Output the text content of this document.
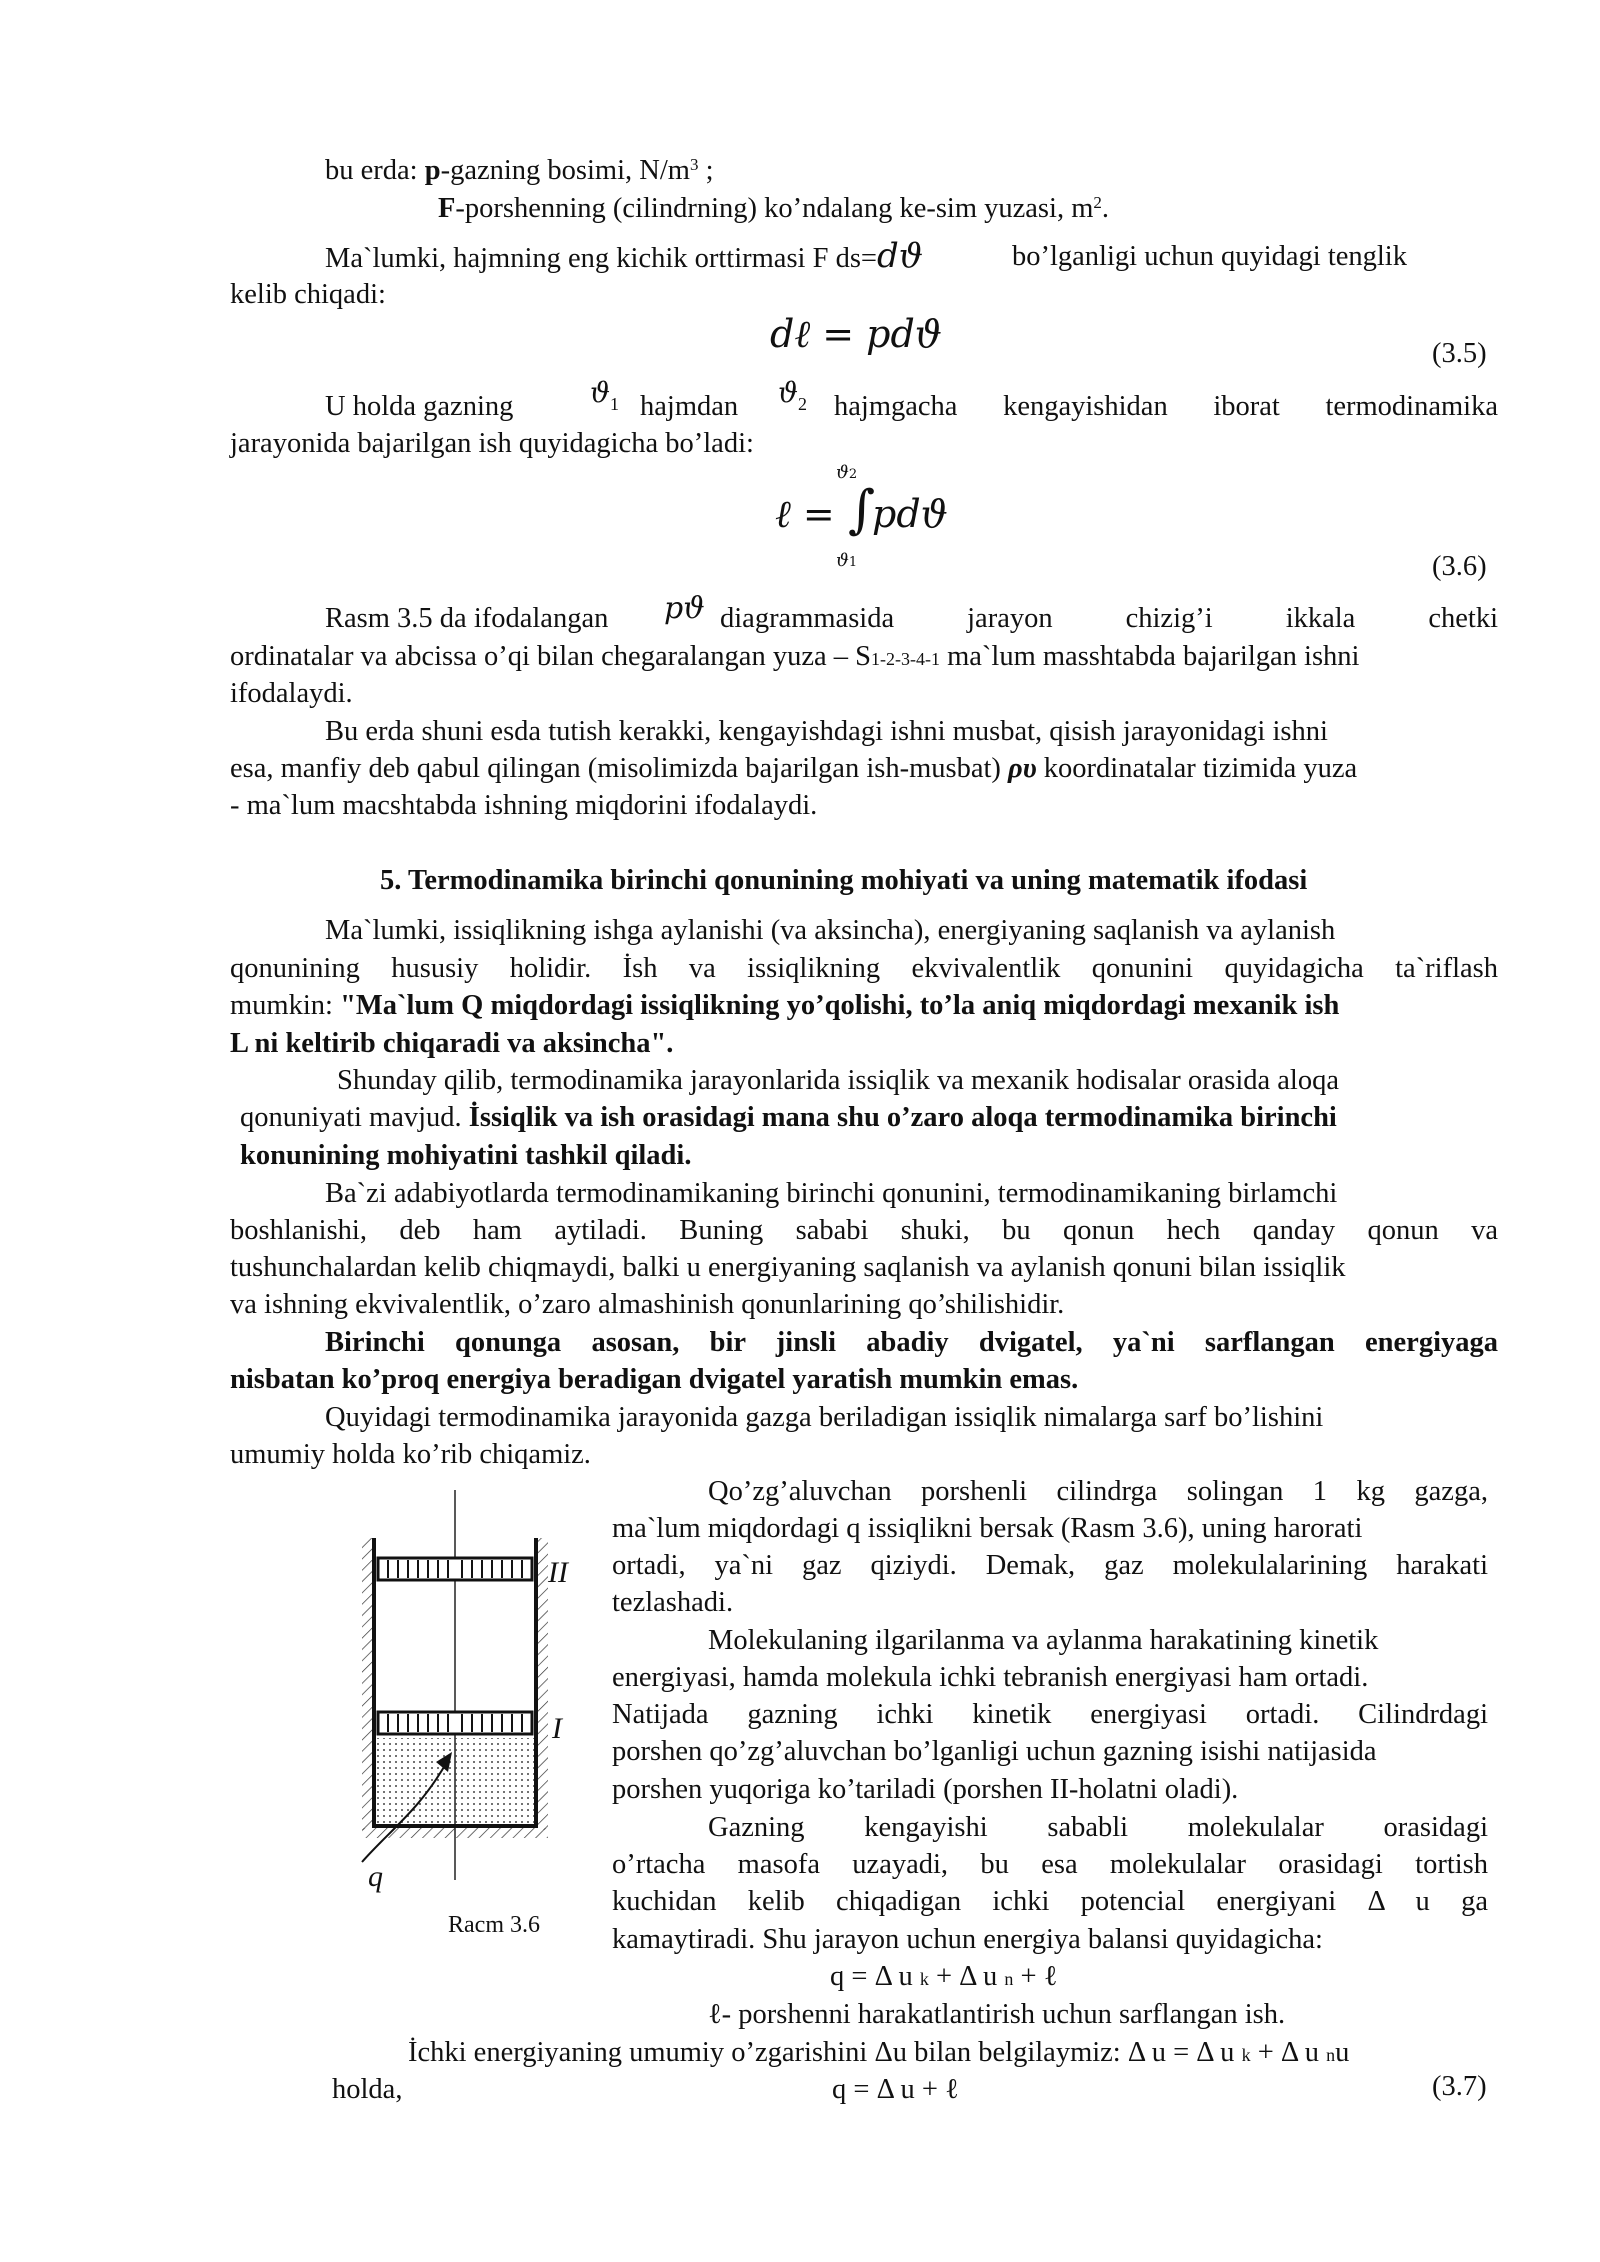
bu erda: p-gazning bosimi, $N/m^3$ ;
F-porshenning (cilindrning) ko’ndalang ke-sim yuzasi, $m^2$.
Ma`lumki, hajmning eng kichik orttirmasi F ds=dϑ	bo’lganligi uchun quyidagi tenglik
kelib chiqadi:
dℓ = pdϑ	(3.5)
U holda gazning	$ϑ_1$ hajmdan $ϑ_2$ hajmgacha kengayishidan iborat termodinamika
jarayonida bajarilgan ish quyidagicha bo’ladi:
ℓ = ∫
pdϑ
ϑ2
ϑ1	(3.6)
Rasm 3.5 da ifodalangan pϑ diagrammasida jarayon chizig’i ikkala chetki
ordinatalar va abcissa o’qi bilan chegaralangan yuza – S1-2-3-4-1 ma`lum masshtabda bajarilgan ishni
ifodalaydi.
Bu erda shuni esda tutish kerakki, kengayishdagi ishni musbat, qisish jarayonidagi ishni
esa, manfiy deb qabul qilingan (misolimizda bajarilgan ish-musbat) ρυ koordinatalar tizimida yuza
- ma`lum macshtabda ishning miqdorini ifodalaydi.
5. Termodinamika birinchi qonunining mohiyati va uning matematik ifodasi
Ma`lumki, issiqlikning ishga aylanishi (va aksincha), energiyaning saqlanish va aylanish
qonunining hususiy holidir. İsh va issiqlikning ekvivalentlik qonunini quyidagicha ta`riflash
mumkin: "Ma`lum Q miqdordagi issiqlikning yo’qolishi, to’la aniq miqdordagi mexanik ish
L ni keltirib chiqaradi va aksincha".
Shunday qilib, termodinamika jarayonlarida issiqlik va mexanik hodisalar orasida aloqa
qonuniyati mavjud. İssiqlik va ish orasidagi mana shu o’zaro aloqa termodinamika birinchi
konunining mohiyatini tashkil qiladi.
Ba`zi adabiyotlarda termodinamikaning birinchi qonunini, termodinamikaning birlamchi
boshlanishi, deb ham aytiladi. Buning sababi shuki, bu qonun hech qanday qonun va
tushunchalardan kelib chiqmaydi, balki u energiyaning saqlanish va aylanish qonuni bilan issiqlik
va ishning ekvivalentlik, o’zaro almashinish qonunlarining qo’shilishidir.
Birinchi qonunga asosan, bir jinsli abadiy dvigatel, ya`ni sarflangan energiyaga
nisbatan ko’proq energiya beradigan dvigatel yaratish mumkin emas.
Quyidagi termodinamika jarayonida gazga beriladigan issiqlik nimalarga sarf bo’lishini
umumiy holda ko’rib chiqamiz.
II
I
q
Racm 3.6
Qo’zg’aluvchan porshenli cilindrga solingan 1 kg gazga,
ma`lum miqdordagi q issiqlikni bersak (Rasm 3.6), uning harorati
ortadi, ya`ni gaz qiziydi. Demak, gaz molekulalarining harakati
tezlashadi.
Molekulaning ilgarilanma va aylanma harakatining kinetik
energiyasi, hamda molekula ichki tebranish energiyasi ham ortadi.
Natijada gazning ichki kinetik energiyasi ortadi. Cilindrdagi
porshen qo’zg’aluvchan bo’lganligi uchun gazning isishi natijasida
porshen yuqoriga ko’tariladi (porshen II-holatni oladi).
Gazning kengayishi sababli molekulalar orasidagi
o’rtacha masofa uzayadi, bu esa molekulalar orasidagi tortish
kuchidan kelib chiqadigan ichki potencial energiyani Δ u ga
kamaytiradi. Shu jarayon uchun energiya balansi quyidagicha:
q = Δ u k + Δ u n + ℓ
ℓ- porshenni harakatlantirish uchun sarflangan ish.
İchki energiyaning umumiy o’zgarishini Δu bilan belgilaymiz: Δ u = Δ u k + Δ u nu
holda,	q = Δ u + ℓ	(3.7)
